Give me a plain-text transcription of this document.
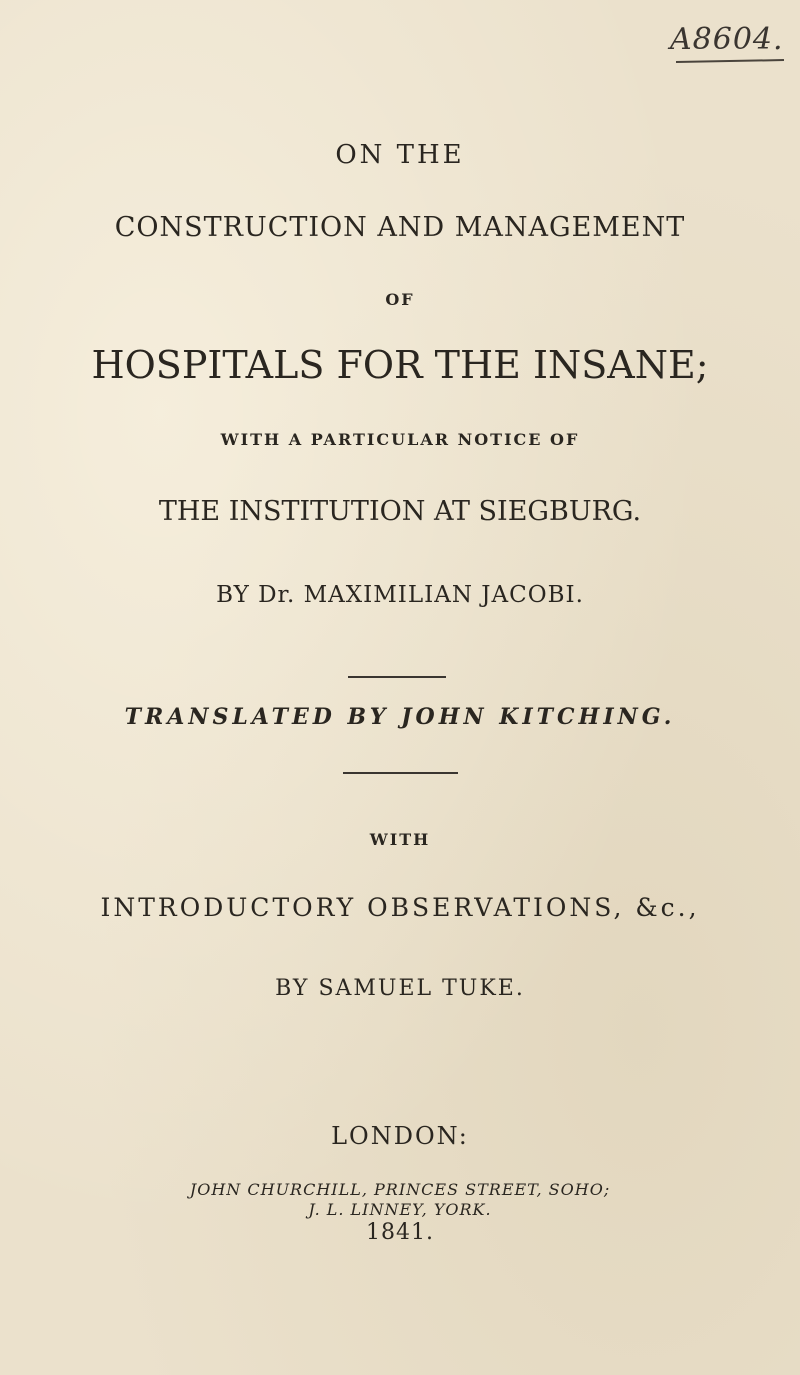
A8604.
ON THE
CONSTRUCTION AND MANAGEMENT
OF
HOSPITALS FOR THE INSANE;
WITH A PARTICULAR NOTICE OF
THE INSTITUTION AT SIEGBURG.
BY Dr. MAXIMILIAN JACOBI.
TRANSLATED BY JOHN KITCHING.
WITH
INTRODUCTORY OBSERVATIONS, &c.,
BY SAMUEL TUKE.
LONDON:
JOHN CHURCHILL, PRINCES STREET, SOHO;
J. L. LINNEY, YORK.
1841.
